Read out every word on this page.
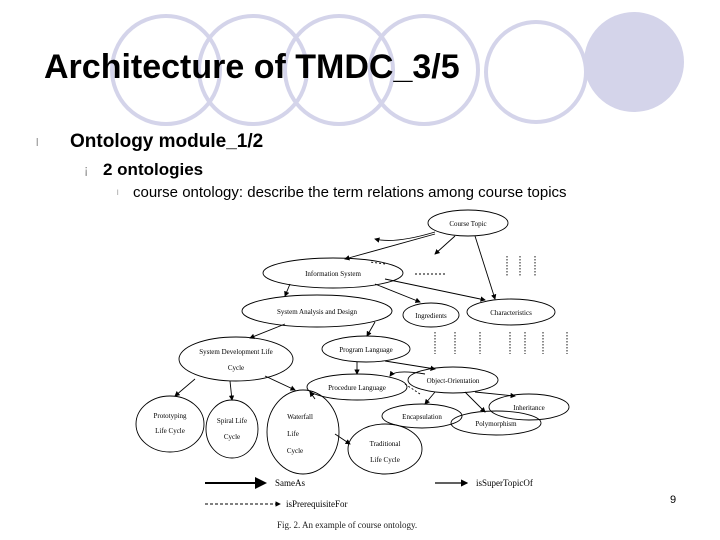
Architecture of TMDC_3/5
l Ontology module_1/2
¡ 2 ontologies
l course ontology: describe the term relations among course topics
Course Topic
Information System
System Analysis and Design	Ingredients	Characteristics
System Development Life
Cycle
Program Language
Object-Orientation
Procedure Language
Inheritance
Encapsulation
Polymorphism
Prototyping
Life Cycle
Spiral Life
Cycle
Waterfall
Life
Cycle
Traditional
Life Cycle
SameAs	isSuperTopicOf
isPrerequisiteFor
Fig. 2. An example of course ontology.
9
